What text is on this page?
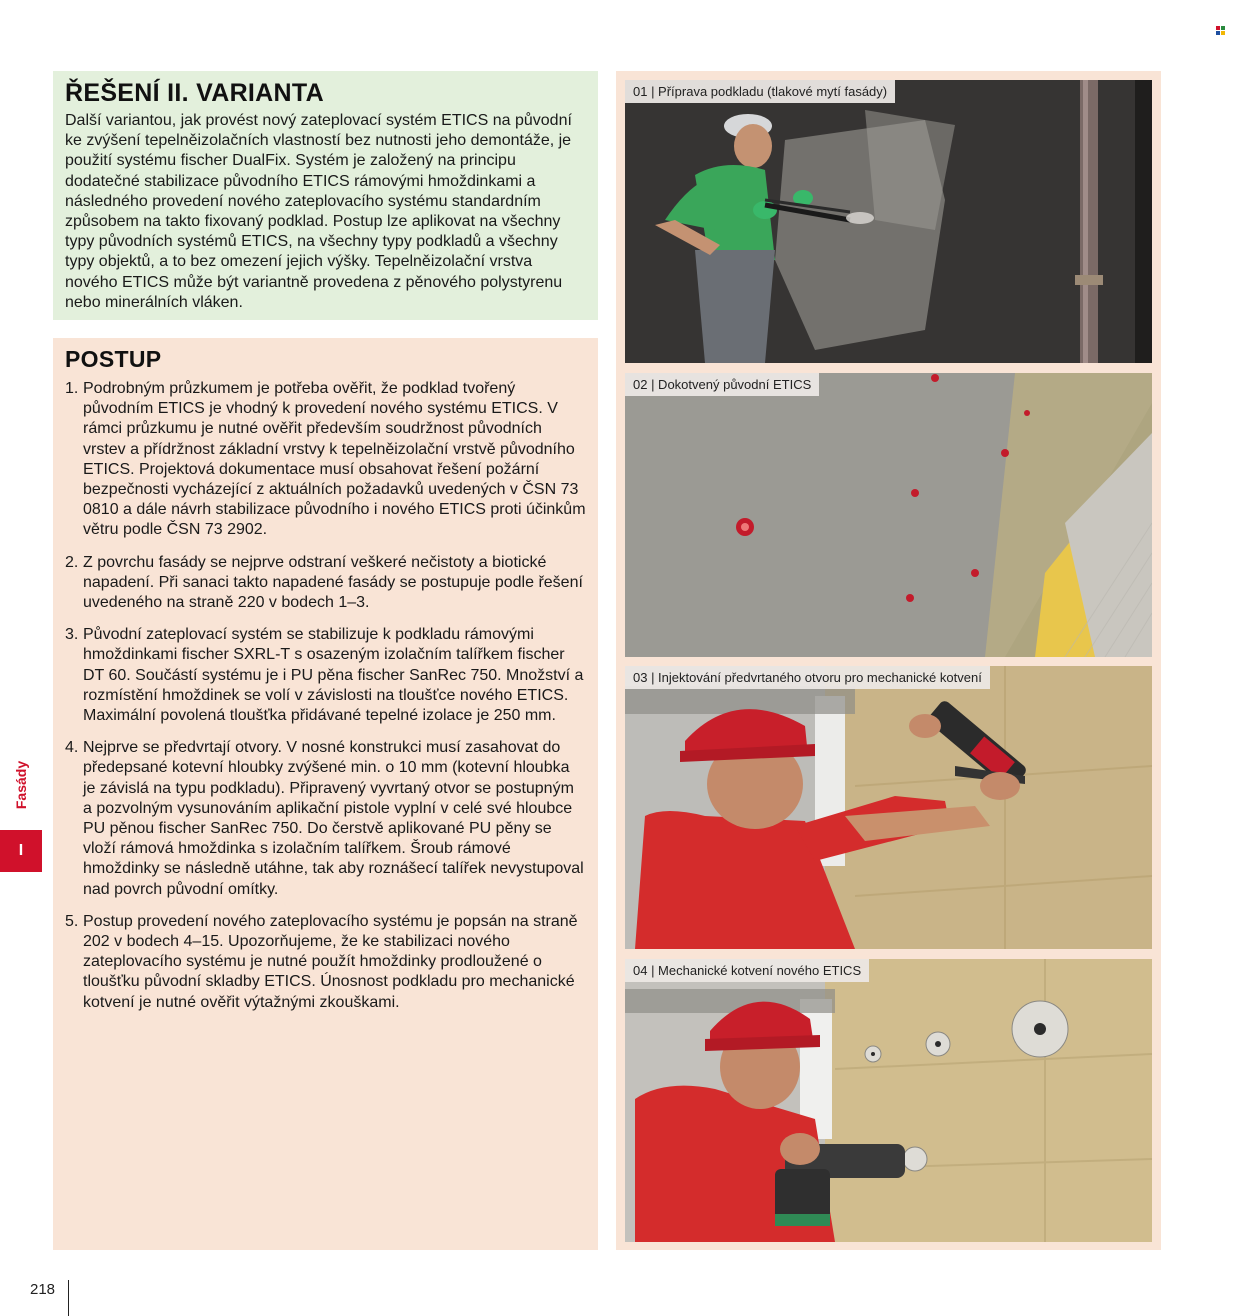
ŘEŠENÍ II. VARIANTA

Další variantou, jak provést nový zateplovací systém ETICS na původní ke zvýšení tepelněizolačních vlastností bez nutnosti jeho demontáže, je použití systému fischer DualFix. Systém je založený na principu dodatečné stabilizace původního ETICS rámovými hmoždinkami a následného provedení nového zateplovacího systému standardním způsobem na takto fixovaný podklad. Postup lze aplikovat na všechny typy původních systémů ETICS, na všechny typy podkladů a všechny typy objektů, a to bez omezení jejich výšky. Tepelněizolační vrstva nového ETICS může být variantně provedena z pěnového polystyrenu nebo minerálních vláken.

POSTUP
1. Podrobným průzkumem je potřeba ověřit, že podklad tvořený původním ETICS je vhodný k provedení nového systému ETICS. V rámci průzkumu je nutné ověřit především soudržnost původních vrstev a přídržnost základní vrstvy k tepelněizolační vrstvě původního ETICS. Projektová dokumentace musí obsahovat řešení požární bezpečnosti vycházející z aktuálních požadavků uvedených v ČSN 73 0810 a dále návrh stabilizace původního i nového ETICS proti účinkům větru podle ČSN 73 2902.
2. Z povrchu fasády se nejprve odstraní veškeré nečistoty a biotické napadení. Při sanaci takto napadené fasády se postupuje podle řešení uvedeného na straně 220 v bodech 1–3.
3. Původní zateplovací systém se stabilizuje k podkladu rámovými hmoždinkami fischer SXRL-T s osazeným izolačním talířkem fischer DT 60. Součástí systému je i PU pěna fischer SanRec 750. Množství a rozmístění hmoždinek se volí v závislosti na tloušťce nového ETICS. Maximální povolená tloušťka přidávané tepelné izolace je 250 mm.
4. Nejprve se předvrtají otvory. V nosné konstrukci musí zasahovat do předepsané kotevní hloubky zvýšené min. o 10 mm (kotevní hloubka je závislá na typu podkladu). Připravený vyvrtaný otvor se postupným a pozvolným vysunováním aplikační pistole vyplní v celé své hloubce PU pěnou fischer SanRec 750. Do čerstvě aplikované PU pěny se vloží rámová hmoždinka s izolačním talířkem. Šroub rámové hmoždinky se následně utáhne, tak aby roznášecí talířek nevystupoval nad povrch původní omítky.
5. Postup provedení nového zateplovacího systému je popsán na straně 202 v bodech 4–15. Upozorňujeme, že ke stabilizaci nového zateplovacího systému je nutné použít hmoždinky prodloužené o tloušťku původní skladby ETICS. Únosnost podkladu pro mechanické kotvení je nutné ověřit výtažnými zkouškami.
01 | Příprava podkladu (tlakové mytí fasády)
02 | Dokotvený původní ETICS
03 | Injektování předvrtaného otvoru pro mechanické kotvení
04 | Mechanické kotvení nového ETICS
Fasády
I
218
